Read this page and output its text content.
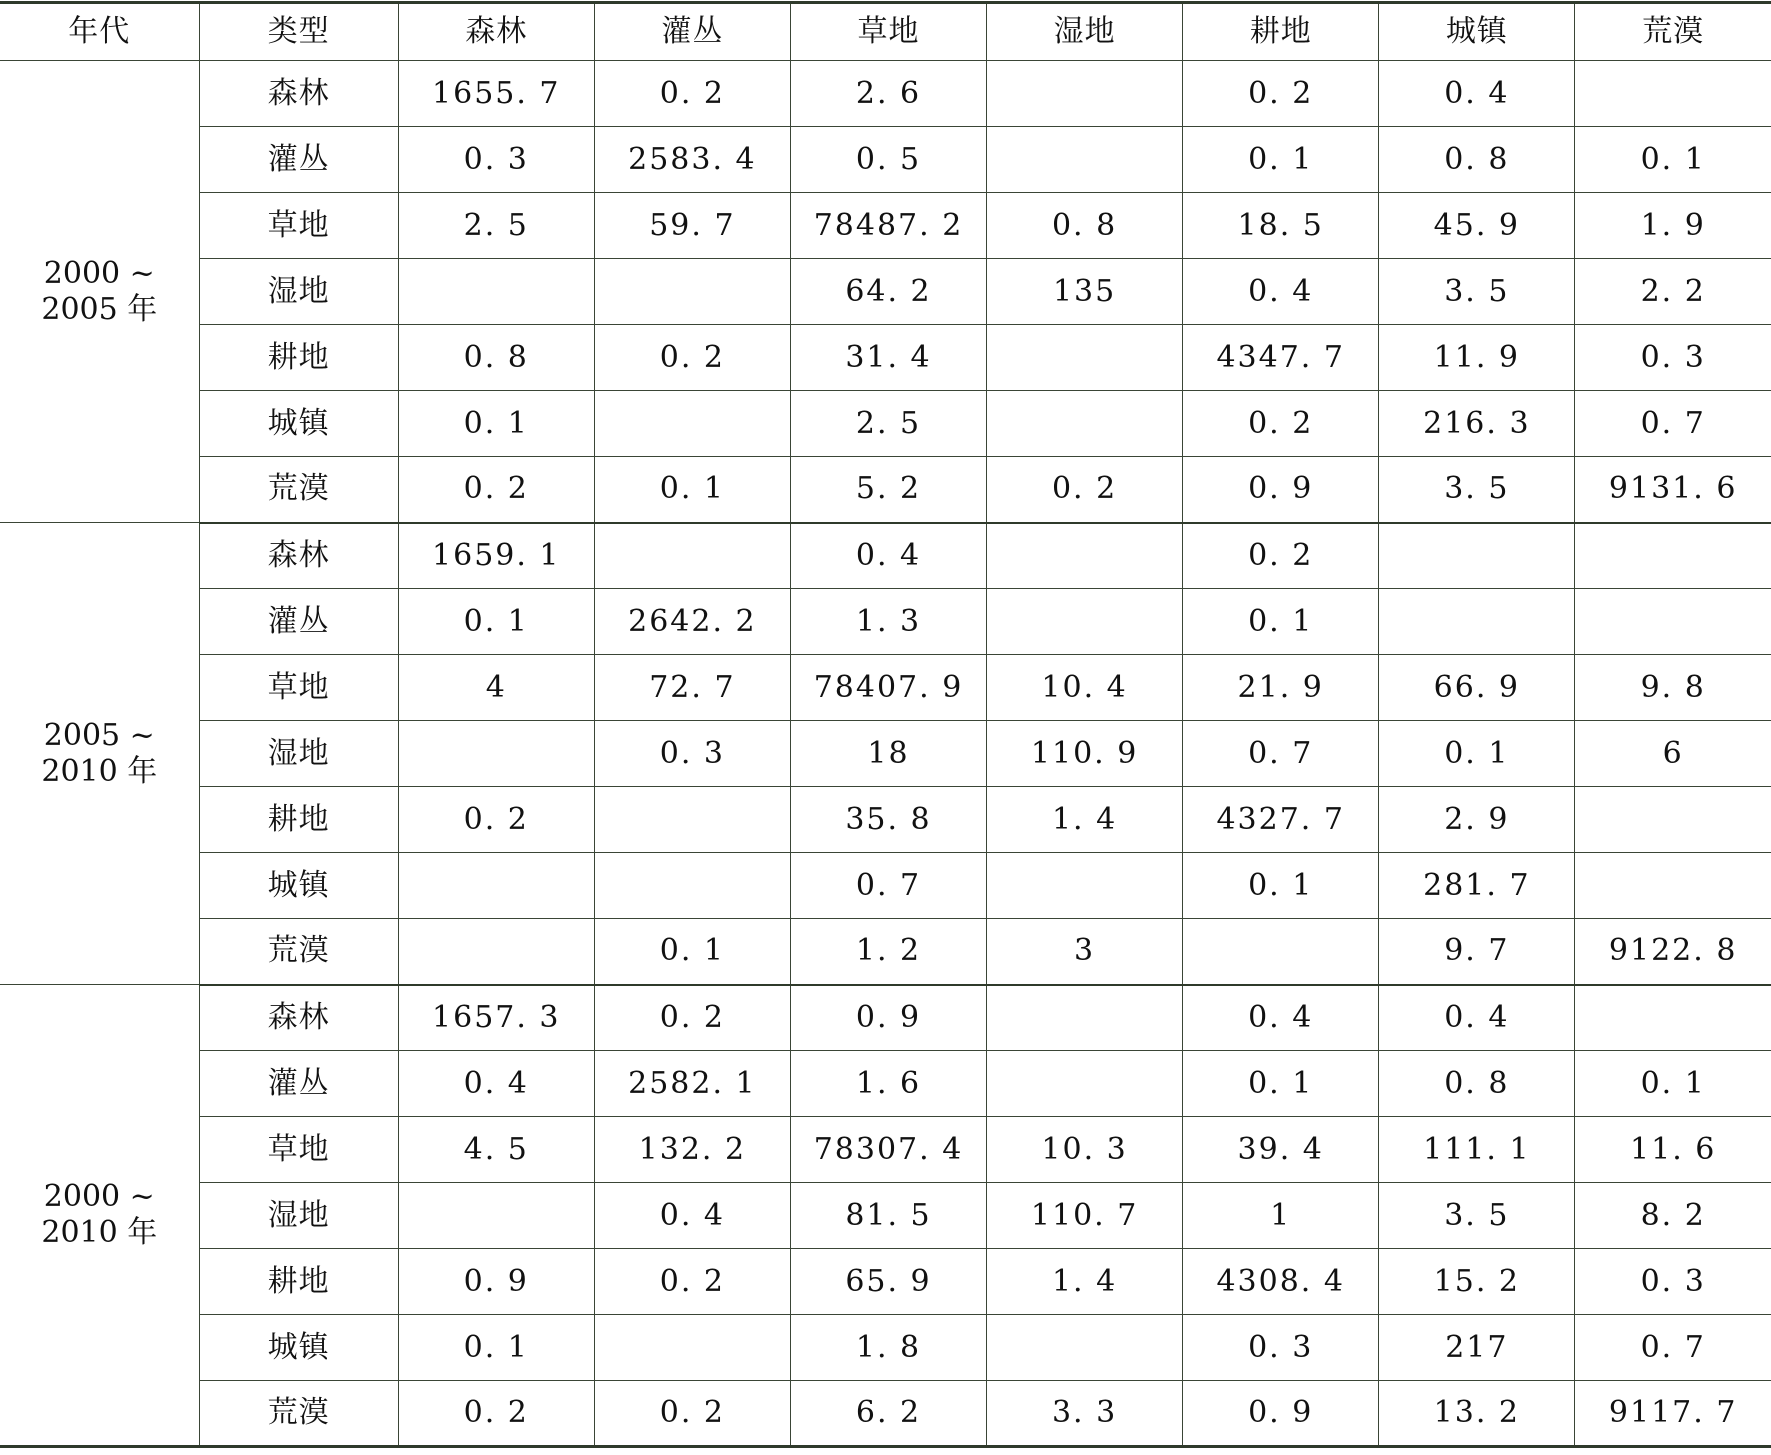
年代	类型	森林	灌丛	草地	湿地	耕地	城镇	荒漠
2000 ~
2005 年	森林	1655. 7	0. 2	2. 6		0. 2	0. 4	
	灌丛	0. 3	2583. 4	0. 5		0. 1	0. 8	0. 1
	草地	2. 5	59. 7	78487. 2	0. 8	18. 5	45. 9	1. 9
	湿地			64. 2	135	0. 4	3. 5	2. 2
	耕地	0. 8	0. 2	31. 4		4347. 7	11. 9	0. 3
	城镇	0. 1		2. 5		0. 2	216. 3	0. 7
	荒漠	0. 2	0. 1	5. 2	0. 2	0. 9	3. 5	9131. 6
2005 ~
2010 年	森林	1659. 1		0. 4		0. 2		
	灌丛	0. 1	2642. 2	1. 3		0. 1		
	草地	4	72. 7	78407. 9	10. 4	21. 9	66. 9	9. 8
	湿地		0. 3	18	110. 9	0. 7	0. 1	6
	耕地	0. 2		35. 8	1. 4	4327. 7	2. 9	
	城镇			0. 7		0. 1	281. 7	
	荒漠		0. 1	1. 2	3		9. 7	9122. 8
2000 ~
2010 年	森林	1657. 3	0. 2	0. 9		0. 4	0. 4	
	灌丛	0. 4	2582. 1	1. 6		0. 1	0. 8	0. 1
	草地	4. 5	132. 2	78307. 4	10. 3	39. 4	111. 1	11. 6
	湿地		0. 4	81. 5	110. 7	1	3. 5	8. 2
	耕地	0. 9	0. 2	65. 9	1. 4	4308. 4	15. 2	0. 3
	城镇	0. 1		1. 8		0. 3	217	0. 7
	荒漠	0. 2	0. 2	6. 2	3. 3	0. 9	13. 2	9117. 7
